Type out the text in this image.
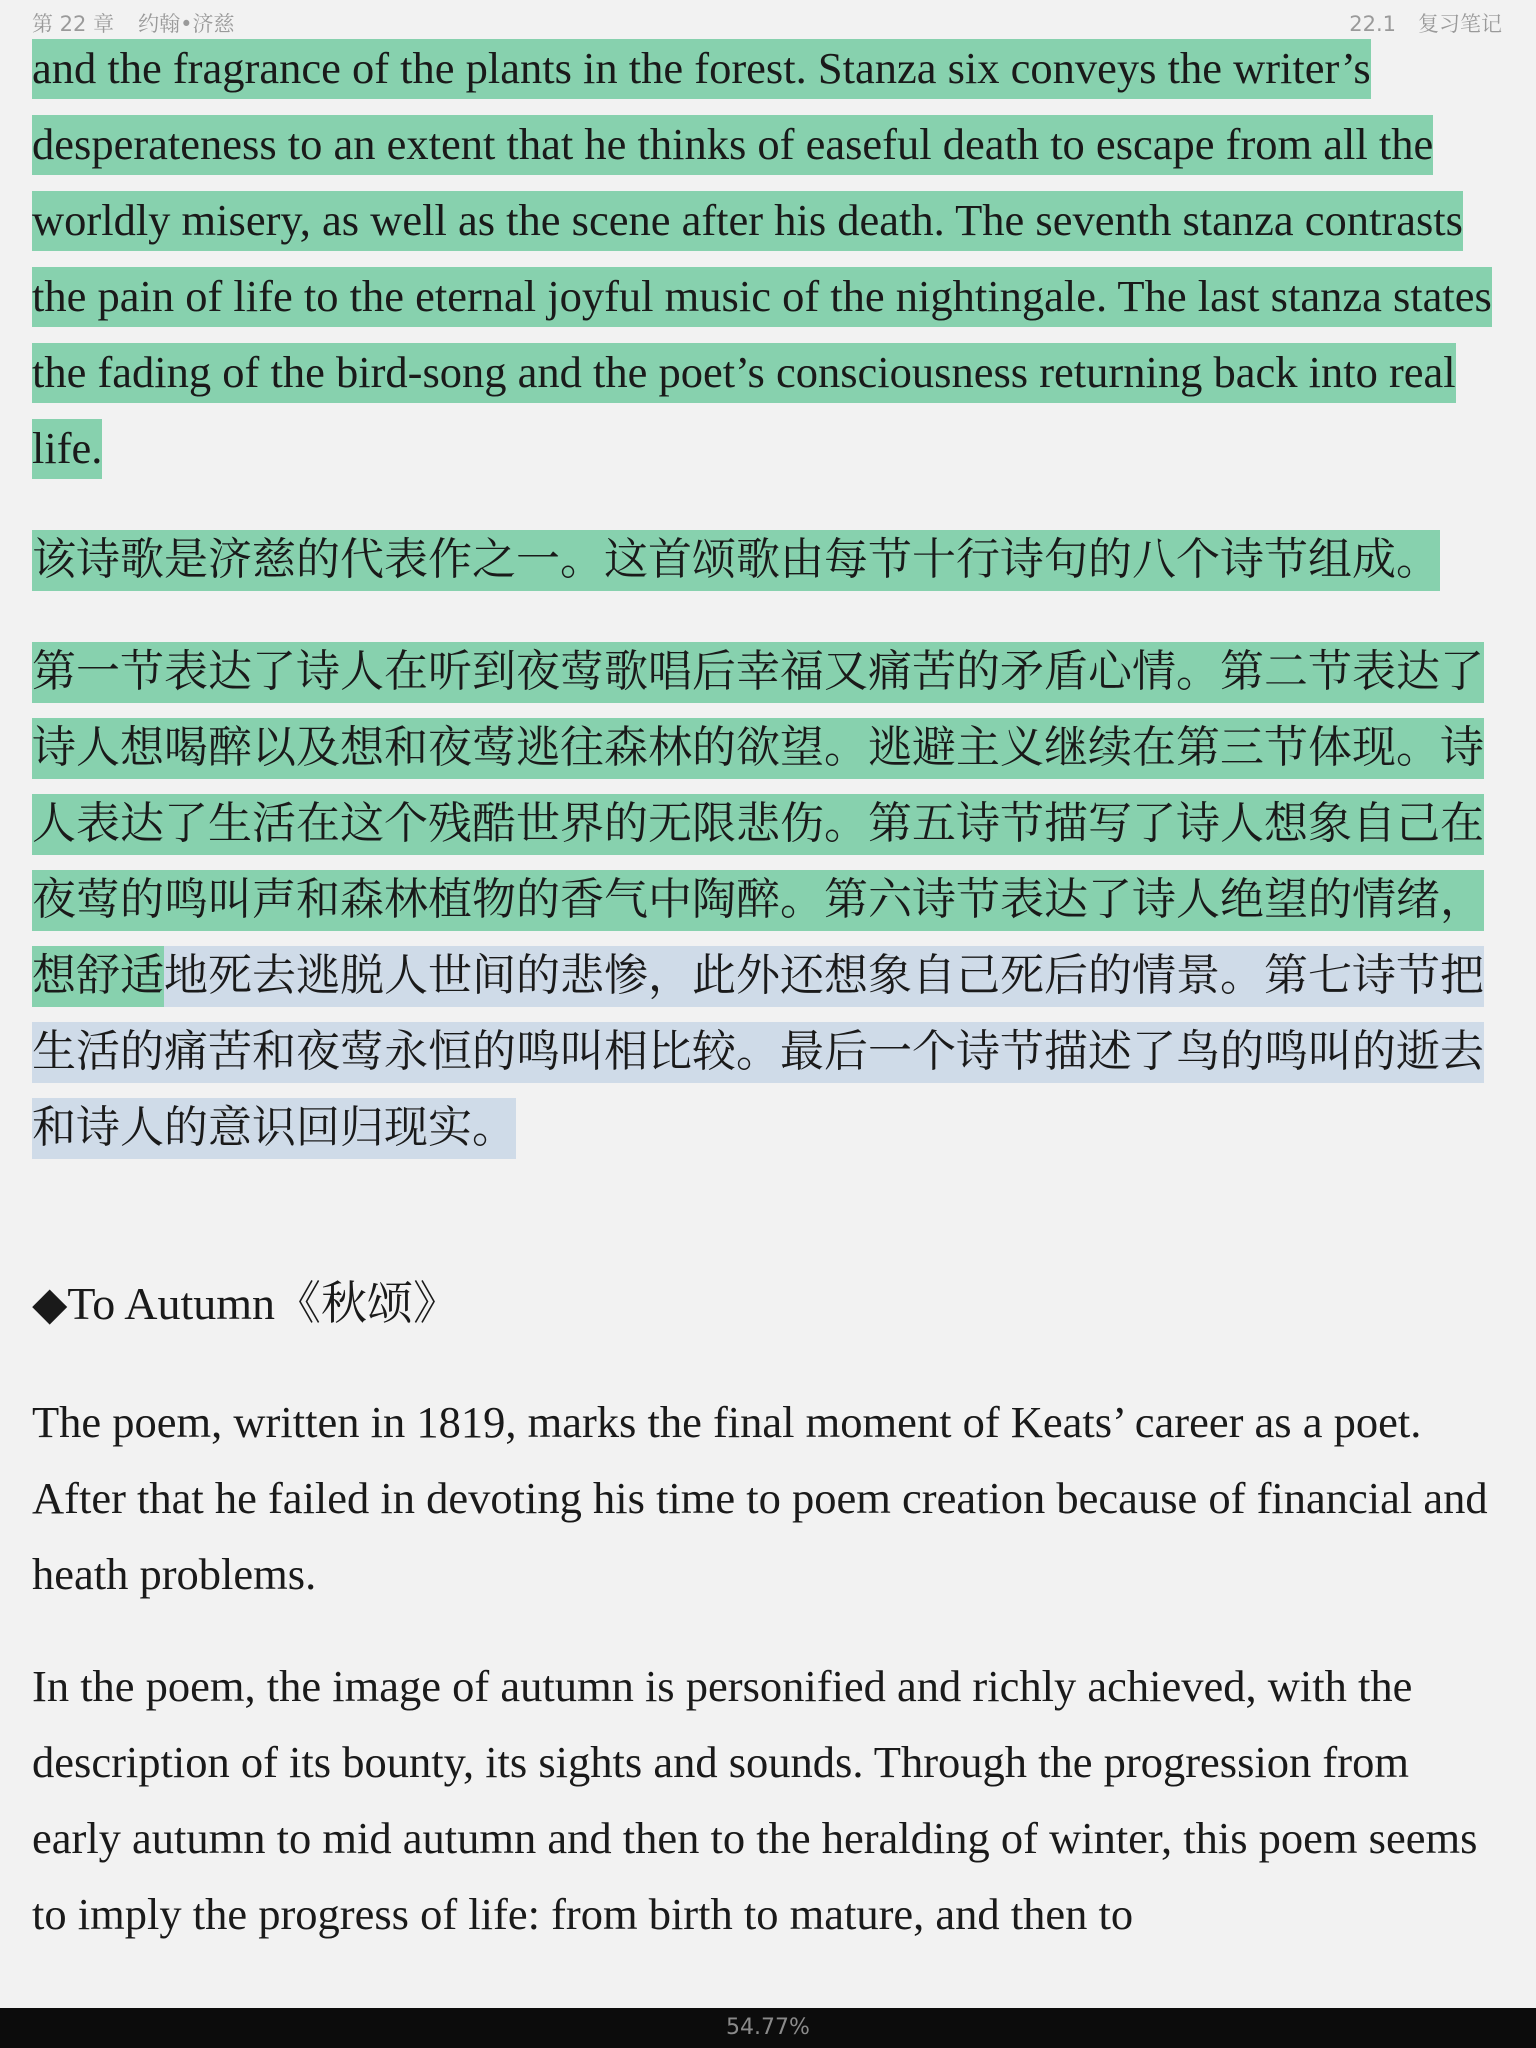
第 22 章 约翰•济慈	22.1 复习笔记

and the fragrance of the plants in the forest. Stanza six conveys the writer’s desperateness to an extent that he thinks of easeful death to escape from all the worldly misery, as well as the scene after his death. The seventh stanza contrasts the pain of life to the eternal joyful music of the nightingale. The last stanza states the fading of the bird-song and the poet’s consciousness returning back into real life.

该诗歌是济慈的代表作之一。这首颂歌由每节十行诗句的八个诗节组成。

第一节表达了诗人在听到夜莺歌唱后幸福又痛苦的矛盾心情。第二节表达了诗人想喝醉以及想和夜莺逃往森林的欲望。逃避主义继续在第三节体现。诗人表达了生活在这个残酷世界的无限悲伤。第五诗节描写了诗人想象自己在夜莺的鸣叫声和森林植物的香气中陶醉。第六诗节表达了诗人绝望的情绪，想舒适地死去逃脱人世间的悲惨，此外还想象自己死后的情景。第七诗节把生活的痛苦和夜莺永恒的鸣叫相比较。最后一个诗节描述了鸟的鸣叫的逝去和诗人的意识回归现实。

◆To Autumn《秋颂》

The poem, written in 1819, marks the final moment of Keats’ career as a poet. After that he failed in devoting his time to poem creation because of financial and heath problems.

In the poem, the image of autumn is personified and richly achieved, with the description of its bounty, its sights and sounds. Through the progression from early autumn to mid autumn and then to the heralding of winter, this poem seems to imply the progress of life: from birth to mature, and then to

54.77%
